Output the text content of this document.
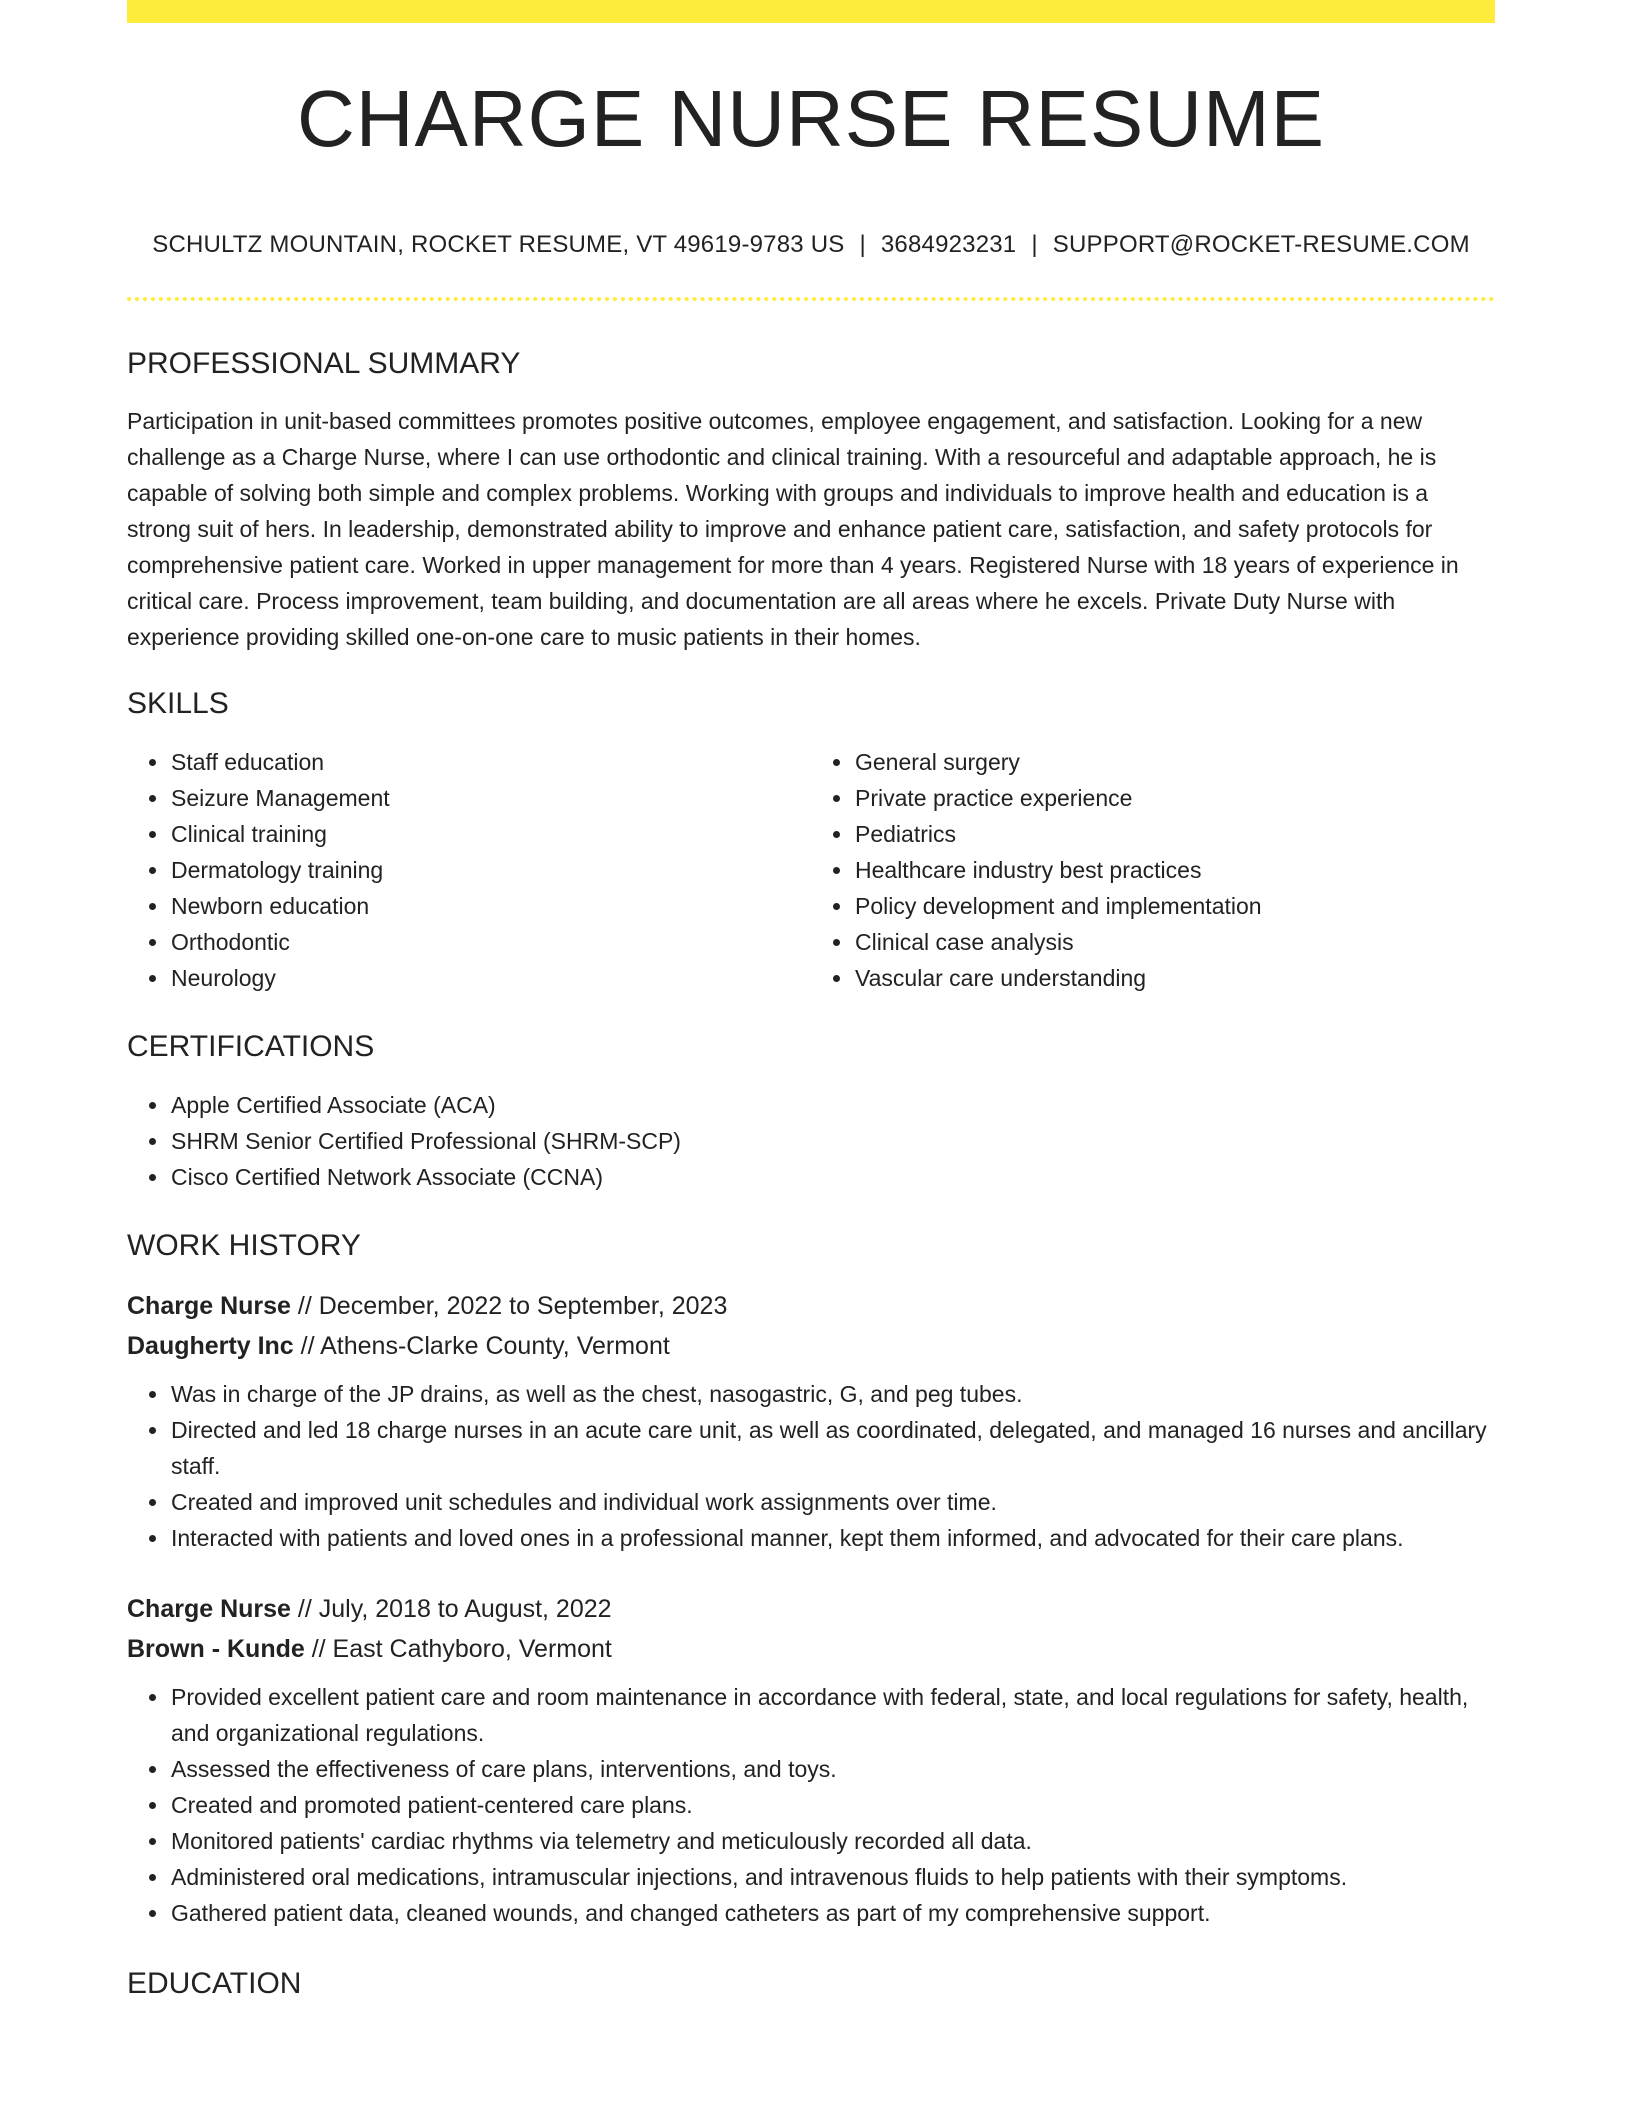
CHARGE NURSE RESUME
SCHULTZ MOUNTAIN, ROCKET RESUME, VT 49619-9783 US | 3684923231 | SUPPORT@ROCKET-RESUME.COM
PROFESSIONAL SUMMARY

Participation in unit-based committees promotes positive outcomes, employee engagement, and satisfaction. Looking for a new challenge as a Charge Nurse, where I can use orthodontic and clinical training. With a resourceful and adaptable approach, he is capable of solving both simple and complex problems. Working with groups and individuals to improve health and education is a strong suit of hers. In leadership, demonstrated ability to improve and enhance patient care, satisfaction, and safety protocols for comprehensive patient care. Worked in upper management for more than 4 years. Registered Nurse with 18 years of experience in critical care. Process improvement, team building, and documentation are all areas where he excels. Private Duty Nurse with experience providing skilled one-on-one care to music patients in their homes.

SKILLS
• Staff education
• Seizure Management
• Clinical training
• Dermatology training
• Newborn education
• Orthodontic
• Neurology
• General surgery
• Private practice experience
• Pediatrics
• Healthcare industry best practices
• Policy development and implementation
• Clinical case analysis
• Vascular care understanding
CERTIFICATIONS
• Apple Certified Associate (ACA)
• SHRM Senior Certified Professional (SHRM-SCP)
• Cisco Certified Network Associate (CCNA)
WORK HISTORY
Charge Nurse // December, 2022 to September, 2023
Daugherty Inc // Athens-Clarke County, Vermont
• Was in charge of the JP drains, as well as the chest, nasogastric, G, and peg tubes.
• Directed and led 18 charge nurses in an acute care unit, as well as coordinated, delegated, and managed 16 nurses and ancillary staff.
• Created and improved unit schedules and individual work assignments over time.
• Interacted with patients and loved ones in a professional manner, kept them informed, and advocated for their care plans.
Charge Nurse // July, 2018 to August, 2022
Brown - Kunde // East Cathyboro, Vermont
• Provided excellent patient care and room maintenance in accordance with federal, state, and local regulations for safety, health, and organizational regulations.
• Assessed the effectiveness of care plans, interventions, and toys.
• Created and promoted patient-centered care plans.
• Monitored patients' cardiac rhythms via telemetry and meticulously recorded all data.
• Administered oral medications, intramuscular injections, and intravenous fluids to help patients with their symptoms.
• Gathered patient data, cleaned wounds, and changed catheters as part of my comprehensive support.
EDUCATION
